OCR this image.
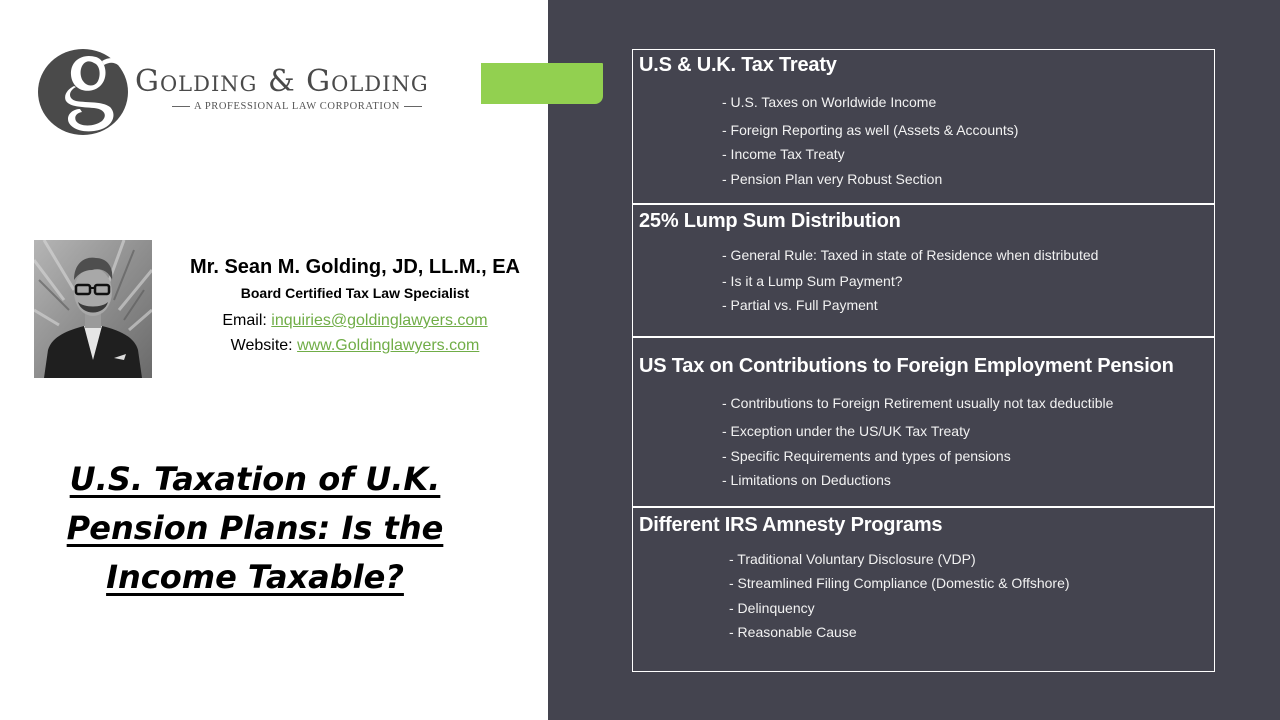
Golding & Golding
A PROFESSIONAL LAW CORPORATION
Mr. Sean M. Golding, JD, LL.M., EA
Board Certified Tax Law Specialist
Email: inquiries@goldinglawyers.com
Website: www.Goldinglawyers.com
U.S. Taxation of U.K.
Pension Plans: Is the
Income Taxable?
U.S & U.K. Tax Treaty
- U.S. Taxes on Worldwide Income
- Foreign Reporting as well (Assets & Accounts)
- Income Tax Treaty
- Pension Plan very Robust Section
25% Lump Sum Distribution
- General Rule: Taxed in state of Residence when distributed
- Is it a Lump Sum Payment?
- Partial vs. Full Payment
US Tax on Contributions to Foreign Employment Pension
- Contributions to Foreign Retirement usually not tax deductible
- Exception under the US/UK Tax Treaty
- Specific Requirements and types of pensions
- Limitations on Deductions
Different IRS Amnesty Programs
- Traditional Voluntary Disclosure (VDP)
- Streamlined Filing Compliance (Domestic & Offshore)
- Delinquency
- Reasonable Cause
